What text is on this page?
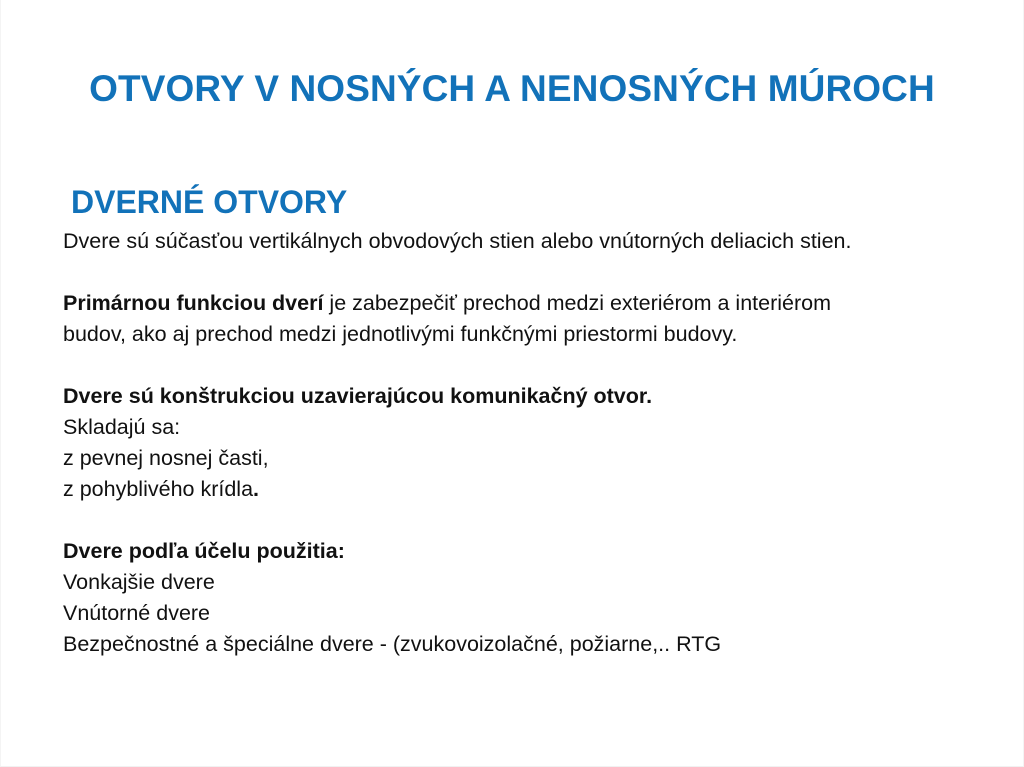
OTVORY V NOSNÝCH A NENOSNÝCH MÚROCH
DVERNÉ OTVORY
Dvere sú súčasťou vertikálnych obvodových stien alebo vnútorných deliacich stien.
Primárnou funkciou dverí je zabezpečiť prechod medzi exteriérom a interiérom
budov, ako aj prechod medzi jednotlivými funkčnými priestormi budovy.
Dvere sú konštrukciou uzavierajúcou komunikačný otvor.
Skladajú sa:
z pevnej nosnej časti,
z pohyblivého krídla.
Dvere podľa účelu použitia:
Vonkajšie dvere
Vnútorné dvere
Bezpečnostné a špeciálne dvere - (zvukovoizolačné, požiarne,.. RTG
